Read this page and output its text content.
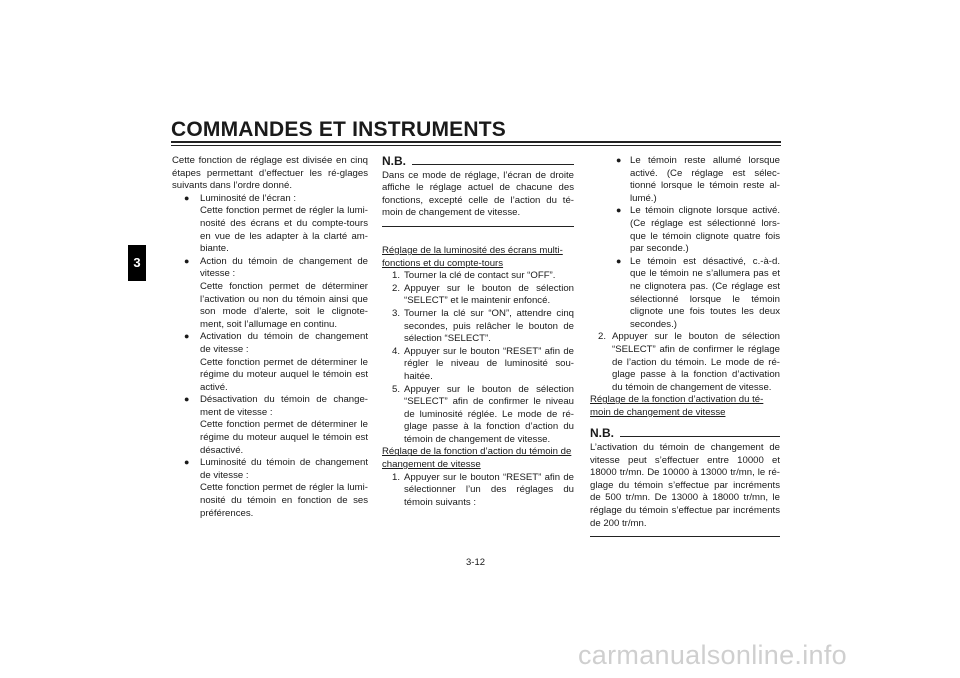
COMMANDES ET INSTRUMENTS
3

Cette fonction de réglage est divisée en cinq étapes permettant d’effectuer les ré-glages suivants dans l’ordre donné.

● Luminosité de l’écran :

Cette fonction permet de régler la lumi-nosité des écrans et du compte-tours en vue de les adapter à la clarté am-biante.

● Action du témoin de changement de vitesse :

Cette fonction permet de déterminer l’activation ou non du témoin ainsi que son mode d’alerte, soit le clignote-ment, soit l’allumage en continu.

● Activation du témoin de changement de vitesse :

Cette fonction permet de déterminer le régime du moteur auquel le témoin est activé.

● Désactivation du témoin de change-ment de vitesse :

Cette fonction permet de déterminer le régime du moteur auquel le témoin est désactivé.

● Luminosité du témoin de changement de vitesse :

Cette fonction permet de régler la lumi-nosité du témoin en fonction de ses préférences.

N.B.

Dans ce mode de réglage, l’écran de droite affiche le réglage actuel de chacune des fonctions, excepté celle de l’action du té-moin de changement de vitesse.

Réglage de la luminosité des écrans multi-fonctions et du compte-tours

1. Tourner la clé de contact sur “OFF”.

2. Appuyer sur le bouton de sélection “SELECT” et le maintenir enfoncé.

3. Tourner la clé sur “ON”, attendre cinq secondes, puis relâcher le bouton de sélection “SELECT”.

4. Appuyer sur le bouton “RESET” afin de régler le niveau de luminosité sou-haitée.

5. Appuyer sur le bouton de sélection “SELECT” afin de confirmer le niveau de luminosité réglée. Le mode de ré-glage passe à la fonction d’action du témoin de changement de vitesse.

Réglage de la fonction d’action du témoin de changement de vitesse

1. Appuyer sur le bouton “RESET” afin de sélectionner l’un des réglages du témoin suivants :

● Le témoin reste allumé lorsque activé. (Ce réglage est sélec-tionné lorsque le témoin reste al-lumé.)

● Le témoin clignote lorsque activé. (Ce réglage est sélectionné lors-que le témoin clignote quatre fois par seconde.)

● Le témoin est désactivé, c.-à-d. que le témoin ne s’allumera pas et ne clignotera pas. (Ce réglage est sélectionné lorsque le témoin clignote une fois toutes les deux secondes.)

2. Appuyer sur le bouton de sélection “SELECT” afin de confirmer le réglage de l’action du témoin. Le mode de ré-glage passe à la fonction d’activation du témoin de changement de vitesse.

Réglage de la fonction d’activation du té-moin de changement de vitesse

N.B.

L’activation du témoin de changement de vitesse peut s’effectuer entre 10000 et 18000 tr/mn. De 10000 à 13000 tr/mn, le ré-glage du témoin s’effectue par incréments de 500 tr/mn. De 13000 à 18000 tr/mn, le réglage du témoin s’effectue par incréments de 200 tr/mn.

3-12
carmanualsonline.info
